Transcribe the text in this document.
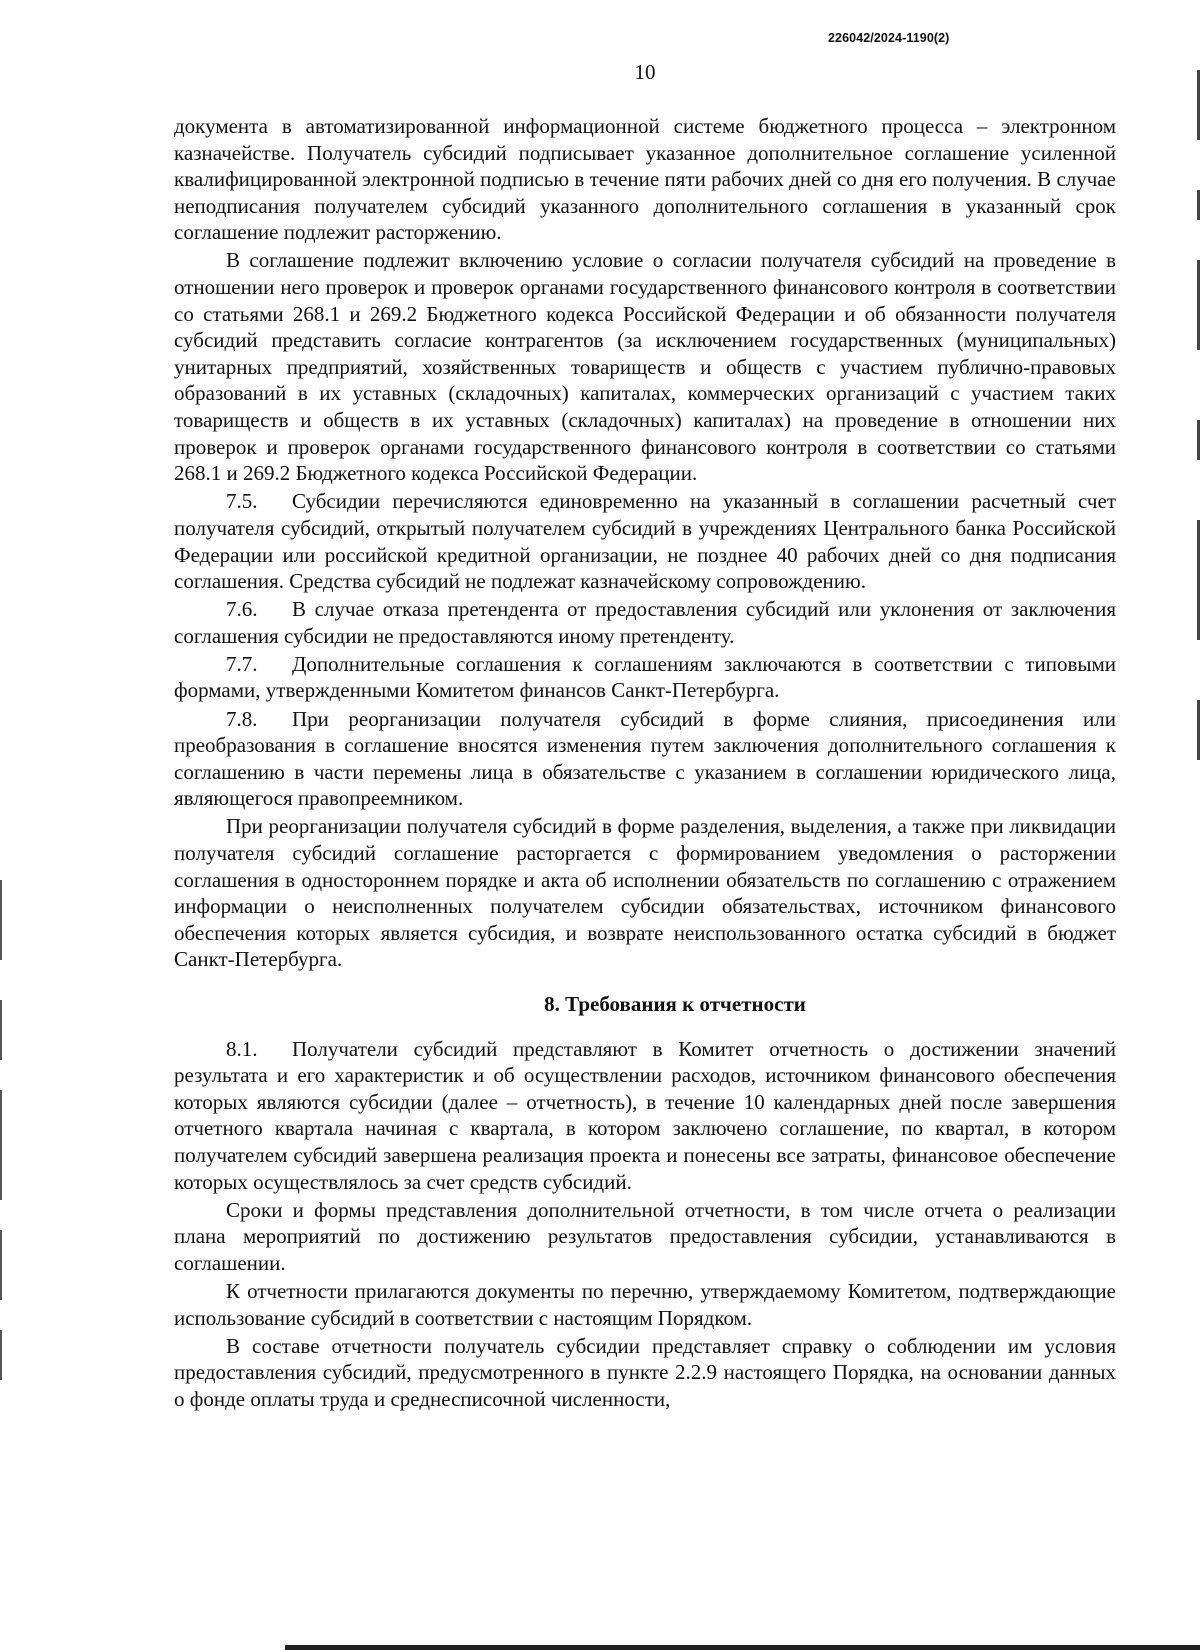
226042/2024-1190(2)
10

документа в автоматизированной информационной системе бюджетного процесса – электронном казначействе. Получатель субсидий подписывает указанное дополнительное соглашение усиленной квалифицированной электронной подписью в течение пяти рабочих дней со дня его получения. В случае неподписания получателем субсидий указанного дополнительного соглашения в указанный срок соглашение подлежит расторжению.

В соглашение подлежит включению условие о согласии получателя субсидий на проведение в отношении него проверок и проверок органами государственного финансового контроля в соответствии со статьями 268.1 и 269.2 Бюджетного кодекса Российской Федерации и об обязанности получателя субсидий представить согласие контрагентов (за исключением государственных (муниципальных) унитарных предприятий, хозяйственных товариществ и обществ с участием публично-правовых образований в их уставных (складочных) капиталах, коммерческих организаций с участием таких товариществ и обществ в их уставных (складочных) капиталах) на проведение в отношении них проверок и проверок органами государственного финансового контроля в соответствии со статьями 268.1 и 269.2 Бюджетного кодекса Российской Федерации.

7.5. Субсидии перечисляются единовременно на указанный в соглашении расчетный счет получателя субсидий, открытый получателем субсидий в учреждениях Центрального банка Российской Федерации или российской кредитной организации, не позднее 40 рабочих дней со дня подписания соглашения. Средства субсидий не подлежат казначейскому сопровождению.

7.6. В случае отказа претендента от предоставления субсидий или уклонения от заключения соглашения субсидии не предоставляются иному претенденту.

7.7. Дополнительные соглашения к соглашениям заключаются в соответствии с типовыми формами, утвержденными Комитетом финансов Санкт-Петербурга.

7.8. При реорганизации получателя субсидий в форме слияния, присоединения или преобразования в соглашение вносятся изменения путем заключения дополнительного соглашения к соглашению в части перемены лица в обязательстве с указанием в соглашении юридического лица, являющегося правопреемником.

При реорганизации получателя субсидий в форме разделения, выделения, а также при ликвидации получателя субсидий соглашение расторгается с формированием уведомления о расторжении соглашения в одностороннем порядке и акта об исполнении обязательств по соглашению с отражением информации о неисполненных получателем субсидии обязательствах, источником финансового обеспечения которых является субсидия, и возврате неиспользованного остатка субсидий в бюджет Санкт-Петербурга.

8. Требования к отчетности

8.1. Получатели субсидий представляют в Комитет отчетность о достижении значений результата и его характеристик и об осуществлении расходов, источником финансового обеспечения которых являются субсидии (далее – отчетность), в течение 10 календарных дней после завершения отчетного квартала начиная с квартала, в котором заключено соглашение, по квартал, в котором получателем субсидий завершена реализация проекта и понесены все затраты, финансовое обеспечение которых осуществлялось за счет средств субсидий.

Сроки и формы представления дополнительной отчетности, в том числе отчета о реализации плана мероприятий по достижению результатов предоставления субсидии, устанавливаются в соглашении.

К отчетности прилагаются документы по перечню, утверждаемому Комитетом, подтверждающие использование субсидий в соответствии с настоящим Порядком.

В составе отчетности получатель субсидии представляет справку о соблюдении им условия предоставления субсидий, предусмотренного в пункте 2.2.9 настоящего Порядка, на основании данных о фонде оплаты труда и среднесписочной численности,
